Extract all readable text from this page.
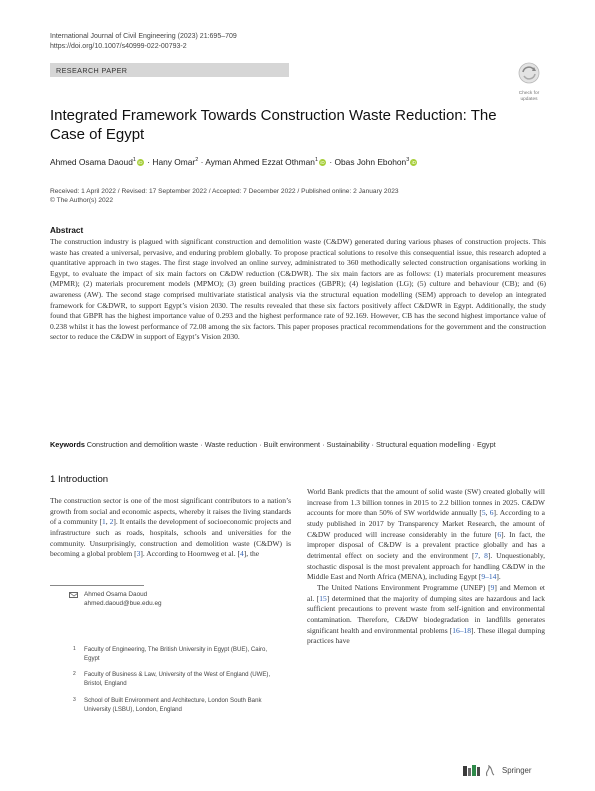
International Journal of Civil Engineering (2023) 21:695–709
https://doi.org/10.1007/s40999-022-00793-2
RESEARCH PAPER
Check for
updates
Integrated Framework Towards Construction Waste Reduction: The Case of Egypt
Ahmed Osama Daoud$^1$ iD · Hany Omar$^2$ · Ayman Ahmed Ezzat Othman$^1$ iD · Obas John Ebohon$^3$ iD
Received: 1 April 2022 / Revised: 17 September 2022 / Accepted: 7 December 2022 / Published online: 2 January 2023
© The Author(s) 2022
Abstract
The construction industry is plagued with significant construction and demolition waste (C&DW) generated during various phases of construction projects. This waste has created a universal, pervasive, and enduring problem globally. To propose practical solutions to resolve this consequential issue, this research adopted a quantitative approach in two stages. The first stage involved an online survey, administrated to 360 methodically selected construction organisations working in Egypt, to evaluate the impact of six main factors on C&DW reduction (C&DWR). The six main factors are as follows: (1) materials procurement measures (MPMR); (2) materials procurement models (MPMO); (3) green building practices (GBPR); (4) legislation (LG); (5) culture and behaviour (CB); and (6) awareness (AW). The second stage comprised multivariate statistical analysis via the structural equation modelling (SEM) approach to develop an integrated framework for C&DWR, to support Egypt’s vision 2030. The results revealed that these six factors positively affect C&DWR in Egypt. Additionally, the study found that GBPR has the highest importance value of 0.293 and the highest performance rate of 92.169. However, CB has the second highest importance value of 0.238 whilst it has the lowest performance of 72.08 among the six factors. This paper proposes practical recommendations for the government and the construction sector to reduce the C&DW in support of Egypt’s Vision 2030.
Keywords Construction and demolition waste · Waste reduction · Built environment · Sustainability · Structural equation modelling · Egypt
1 Introduction

The construction sector is one of the most significant contributors to a nation’s growth from social and economic aspects, whereby it raises the living standards of a community [1, 2]. It entails the development of socioeconomic projects and infrastructure such as roads, hospitals, schools and universities for the community. Unsurprisingly, construction and demolition waste (C&DW) is becoming a global problem [3]. According to Hoornweg et al. [4], the

World Bank predicts that the amount of solid waste (SW) created globally will increase from 1.3 billion tonnes in 2015 to 2.2 billion tonnes in 2025. C&DW accounts for more than 50% of SW worldwide annually [5, 6]. According to a study published in 2017 by Transparency Market Research, the amount of C&DW produced will increase considerably in the future [6]. In fact, the improper disposal of C&DW is a prevalent practice globally and has a detrimental effect on society and the environment [7, 8]. Unquestionably, stochastic disposal is the most prevalent approach for handling C&DW in the Middle East and North Africa (MENA), including Egypt [9–14].

The United Nations Environment Programme (UNEP) [9] and Memon et al. [15] determined that the majority of dumping sites are hazardous and lack sufficient precautions to prevent waste from self-ignition and environmental contamination. Therefore, C&DW biodegradation in landfills generates significant health and environmental problems [16–18]. These illegal dumping practices have

Ahmed Osama Daoud
ahmed.daoud@bue.edu.eg
1 Faculty of Engineering, The British University in Egypt (BUE), Cairo, Egypt
2 Faculty of Business & Law, University of the West of England (UWE), Bristol, England
3 School of Built Environment and Architecture, London South Bank University (LSBU), London, England
Springer
